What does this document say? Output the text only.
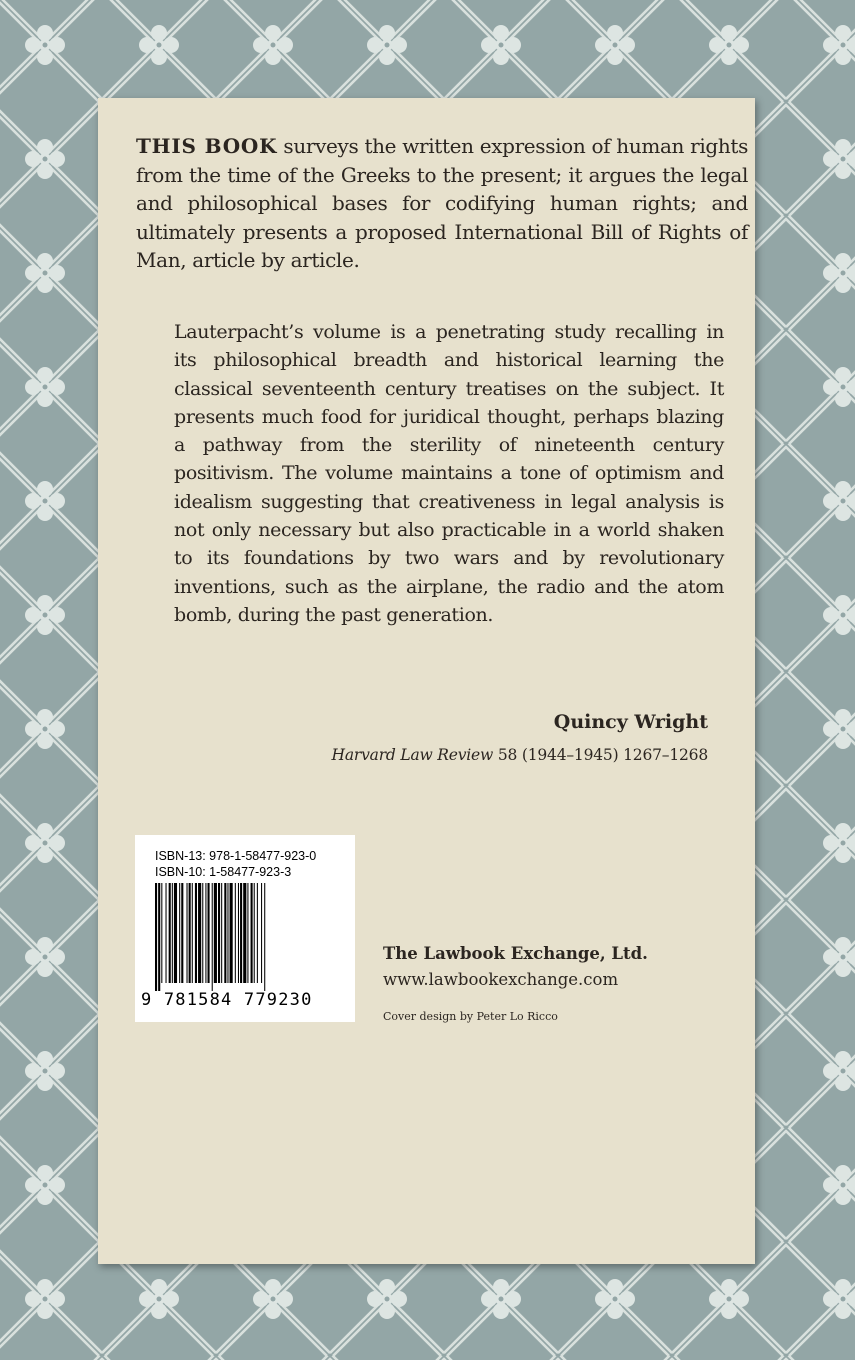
THIS BOOK surveys the written expression of human rights from the time of the Greeks to the present; it argues the legal and philosophical bases for codifying human rights; and ultimately presents a proposed International Bill of Rights of Man, article by article.

Lauterpacht’s volume is a penetrating study recalling in its philosophical breadth and historical learning the classical seventeenth century treatises on the subject. It presents much food for juridical thought, perhaps blazing a pathway from the sterility of nineteenth century positivism. The volume maintains a tone of optimism and idealism suggesting that creativeness in legal analysis is not only necessary but also practicable in a world shaken to its foundations by two wars and by revolutionary inventions, such as the airplane, the radio and the atom bomb, during the past generation.

Quincy Wright
Harvard Law Review 58 (1944–1945) 1267–1268
ISBN-13: 978-1-58477-923-0
ISBN-10: 1-58477-923-3
9 781584 779230
The Lawbook Exchange, Ltd.
www.lawbookexchange.com
Cover design by Peter Lo Ricco
